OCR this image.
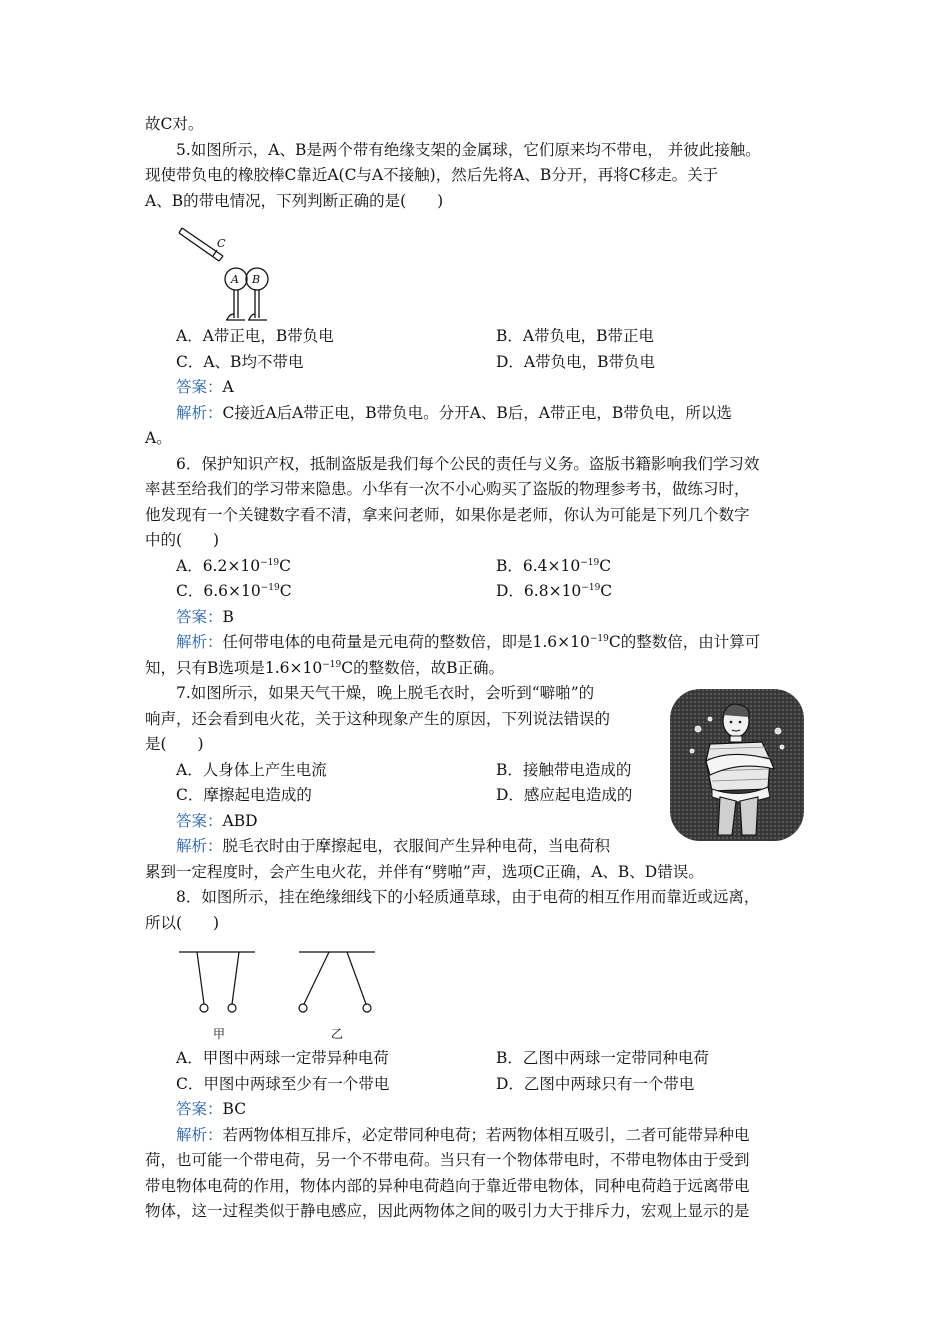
故C对。

5.如图所示，A、B是两个带有绝缘支架的金属球，它们原来均不带电， 并彼此接触。

现使带负电的橡胶棒C靠近A(C与A不接触)，然后先将A、B分开，再将C移走。关于

A、B的带电情况，下列判断正确的是(　　)

C
A B
A．A带正电，B带负电	B．A带负电，B带正电
C．A、B均不带电	D．A带负电，B带负电

答案：A

解析：C接近A后A带正电，B带负电。分开A、B后，A带正电，B带负电，所以选

A。

6．保护知识产权，抵制盗版是我们每个公民的责任与义务。盗版书籍影响我们学习效

率甚至给我们的学习带来隐患。小华有一次不小心购买了盗版的物理参考书，做练习时，

他发现有一个关键数字看不清，拿来问老师，如果你是老师，你认为可能是下列几个数字

中的(　　)

A．$6.2\times 10^{-19}C$	B．$6.4\times 10^{-19}C$
C．$6.6\times 10^{-19}C$	D．$6.8\times 10^{-19}C$

答案：B

解析：任何带电体的电荷量是元电荷的整数倍，即是$1.6\times 10^{-19}C$的整数倍，由计算可

知，只有B选项是$1.6\times 10^{-19}C$的整数倍，故B正确。

7.如图所示，如果天气干燥，晚上脱毛衣时，会听到“噼啪”的

响声，还会看到电火花，关于这种现象产生的原因，下列说法错误的

是(　　)

A．人身体上产生电流	B．接触带电造成的
C．摩擦起电造成的	D．感应起电造成的

答案：ABD

解析：脱毛衣时由于摩擦起电，衣服间产生异种电荷，当电荷积

累到一定程度时，会产生电火花，并伴有“劈啪”声，选项C正确，A、B、D错误。

8．如图所示，挂在绝缘细线下的小轻质通草球，由于电荷的相互作用而靠近或远离，

所以(　　)

甲	乙
A．甲图中两球一定带异种电荷	B．乙图中两球一定带同种电荷
C．甲图中两球至少有一个带电	D．乙图中两球只有一个带电

答案：BC

解析：若两物体相互排斥，必定带同种电荷；若两物体相互吸引，二者可能带异种电

荷，也可能一个带电荷，另一个不带电荷。当只有一个物体带电时，不带电物体由于受到

带电物体电荷的作用，物体内部的异种电荷趋向于靠近带电物体，同种电荷趋于远离带电

物体，这一过程类似于静电感应，因此两物体之间的吸引力大于排斥力，宏观上显示的是
